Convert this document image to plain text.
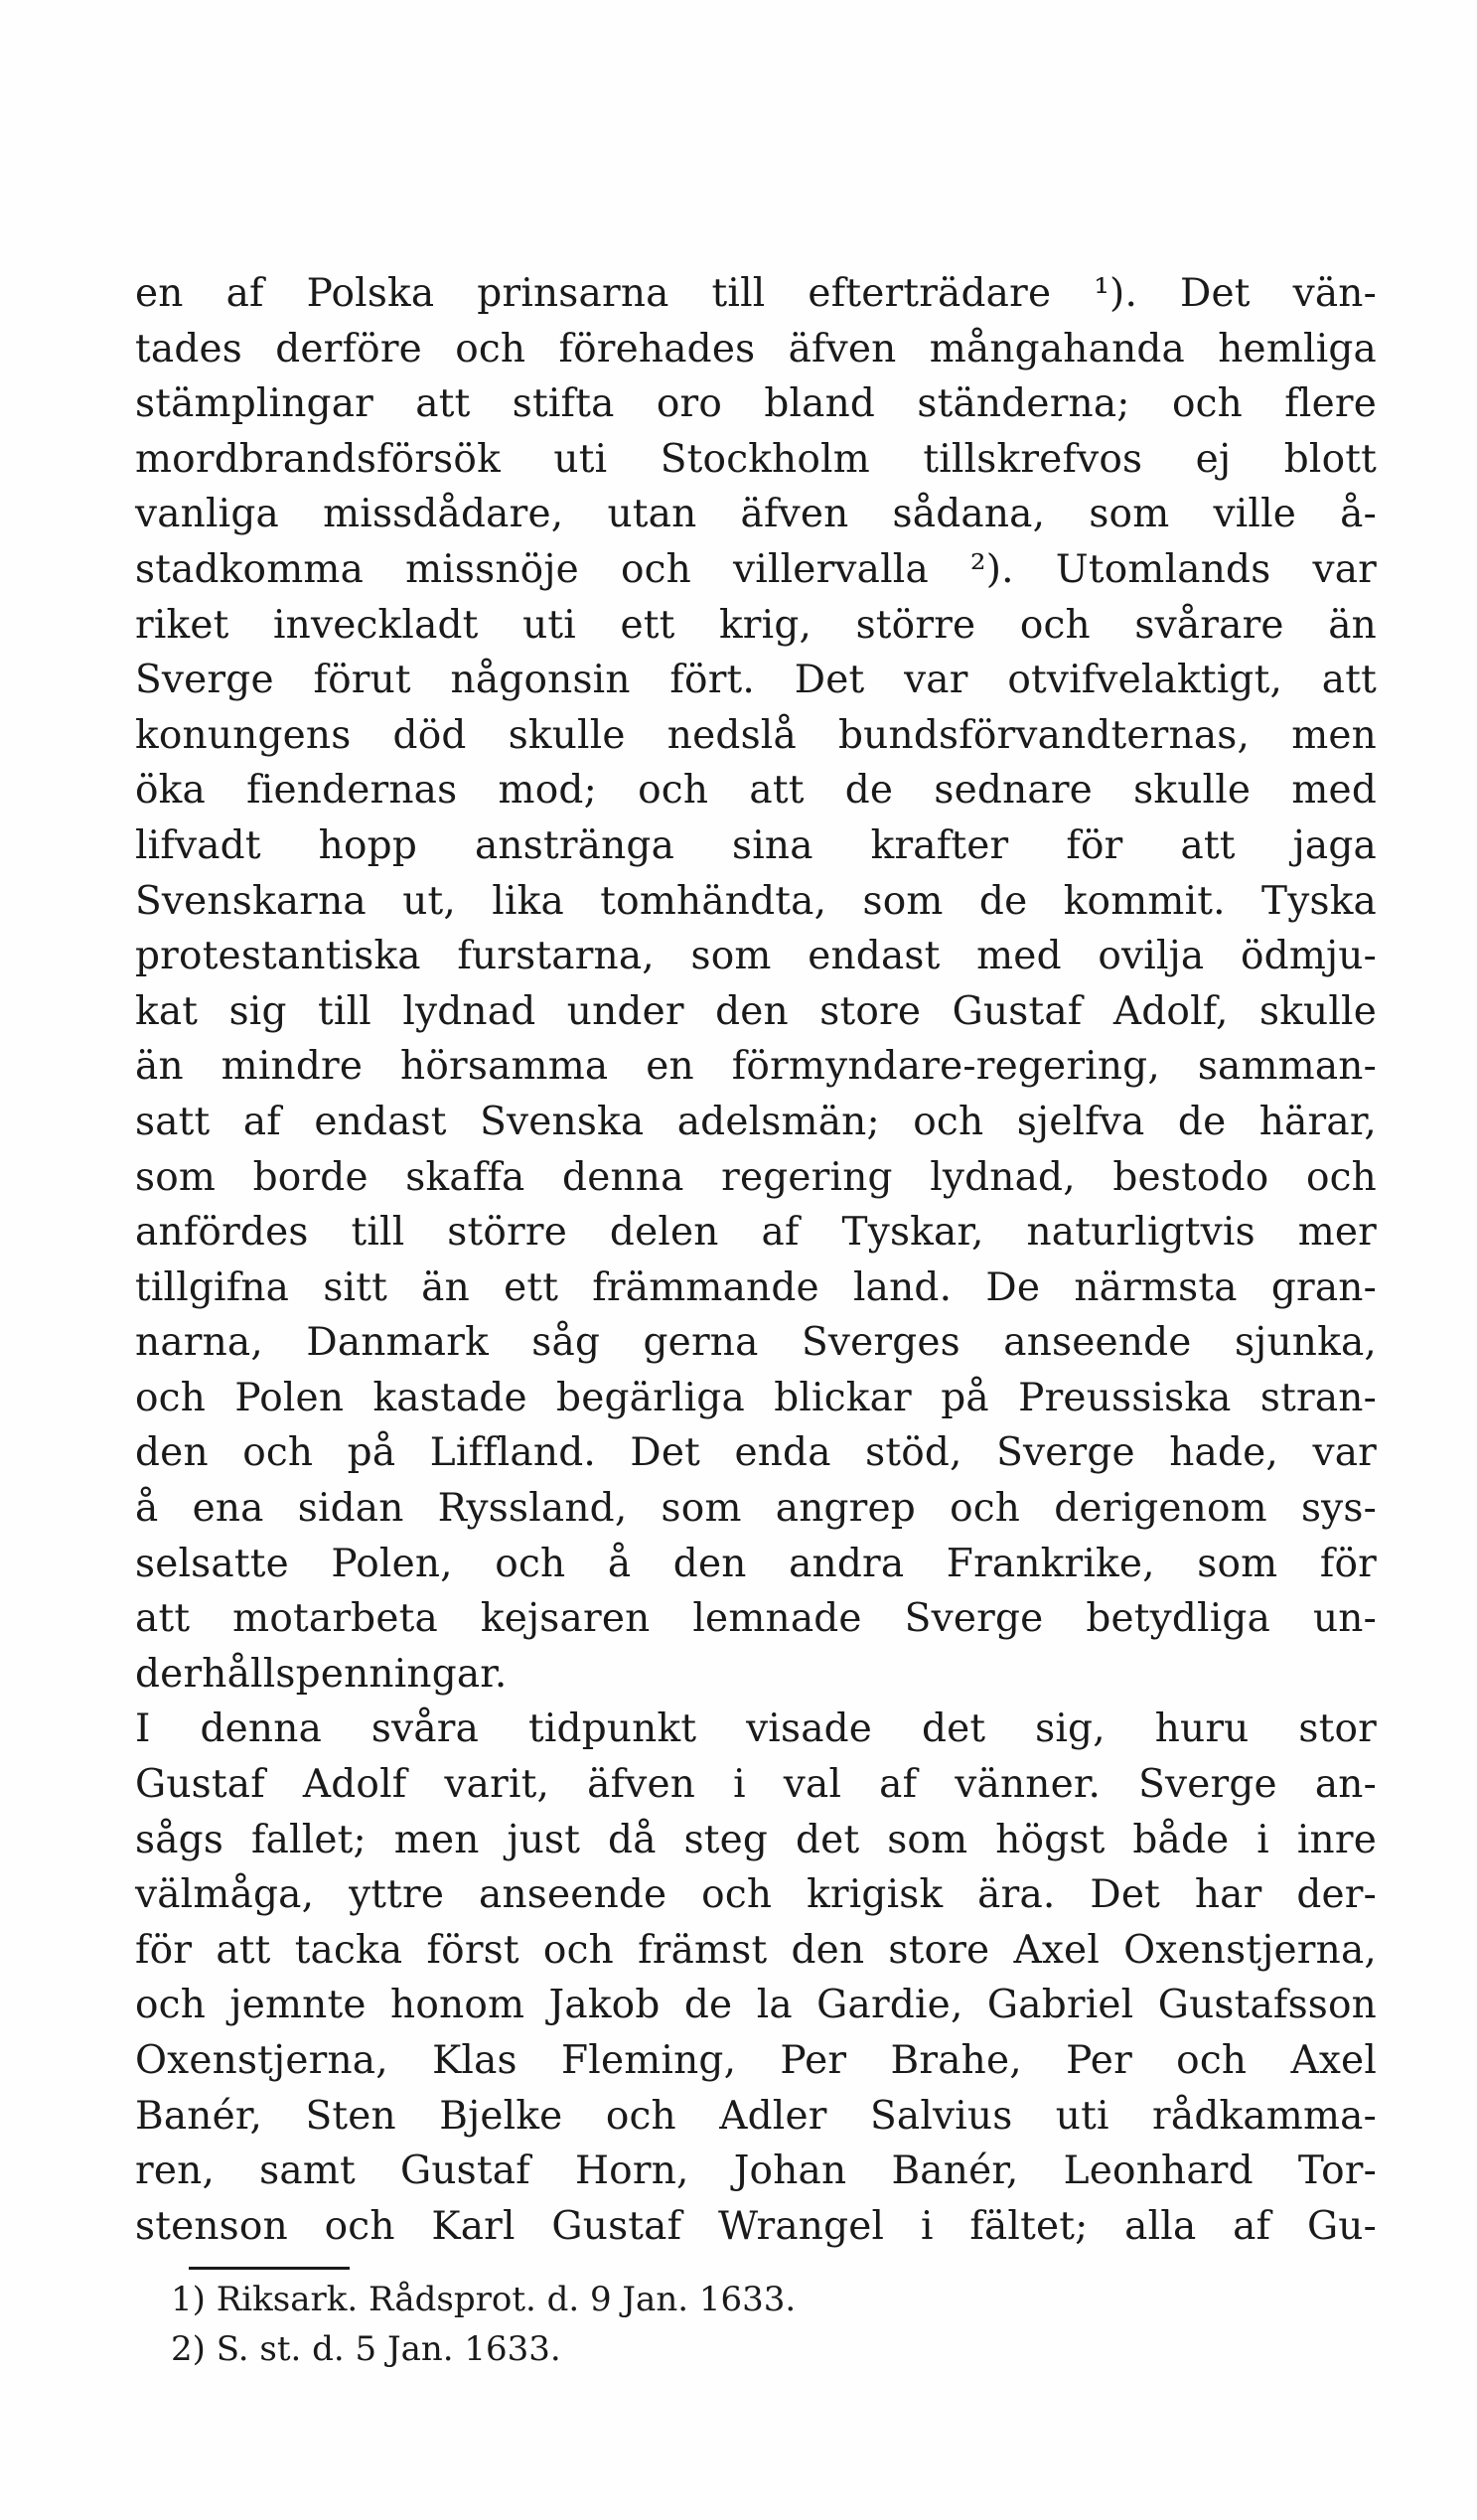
en af Polska prinsarna till efterträdare ¹). Det vän-
tades derföre och förehades äfven mångahanda hemliga
stämplingar att stifta oro bland ständerna; och flere
mordbrandsförsök uti Stockholm tillskrefvos ej blott
vanliga missdådare, utan äfven sådana, som ville å-
stadkomma missnöje och villervalla ²). Utomlands var
riket inveckladt uti ett krig, större och svårare än
Sverge förut någonsin fört. Det var otvifvelaktigt, att
konungens död skulle nedslå bundsförvandternas, men
öka fiendernas mod; och att de sednare skulle med
lifvadt hopp anstränga sina krafter för att jaga
Svenskarna ut, lika tomhändta, som de kommit. Tyska
protestantiska furstarna, som endast med ovilja ödmju-
kat sig till lydnad under den store Gustaf Adolf, skulle
än mindre hörsamma en förmyndare-regering, samman-
satt af endast Svenska adelsmän; och sjelfva de härar,
som borde skaffa denna regering lydnad, bestodo och
anfördes till större delen af Tyskar, naturligtvis mer
tillgifna sitt än ett främmande land. De närmsta gran-
narna, Danmark såg gerna Sverges anseende sjunka,
och Polen kastade begärliga blickar på Preussiska stran-
den och på Liffland. Det enda stöd, Sverge hade, var
å ena sidan Ryssland, som angrep och derigenom sys-
selsatte Polen, och å den andra Frankrike, som för
att motarbeta kejsaren lemnade Sverge betydliga un-
derhållspenningar.
I denna svåra tidpunkt visade det sig, huru stor
Gustaf Adolf varit, äfven i val af vänner. Sverge an-
sågs fallet; men just då steg det som högst både i inre
välmåga, yttre anseende och krigisk ära. Det har der-
för att tacka först och främst den store Axel Oxenstjerna,
och jemnte honom Jakob de la Gardie, Gabriel Gustafsson
Oxenstjerna, Klas Fleming, Per Brahe, Per och Axel
Banér, Sten Bjelke och Adler Salvius uti rådkamma-
ren, samt Gustaf Horn, Johan Banér, Leonhard Tor-
stenson och Karl Gustaf Wrangel i fältet; alla af Gu-
1) Riksark. Rådsprot. d. 9 Jan. 1633.
2) S. st. d. 5 Jan. 1633.
